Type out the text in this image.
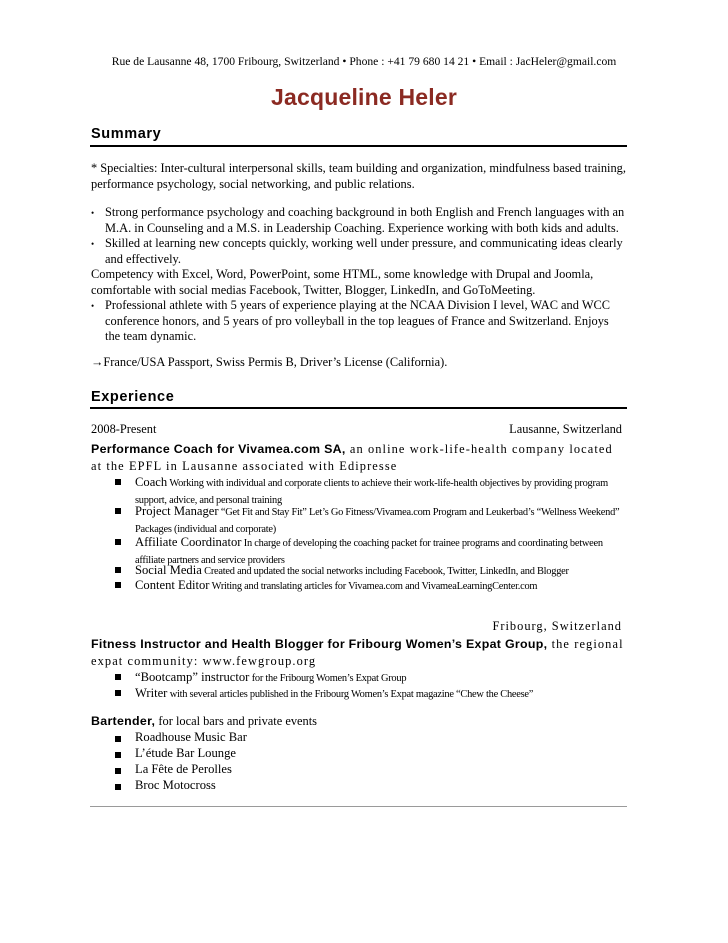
Rue de Lausanne 48, 1700 Fribourg, Switzerland • Phone : +41 79 680 14 21 • Email : JacHeler@gmail.com
Jacqueline Heler
Summary
* Specialties: Inter-cultural interpersonal skills, team building and organization, mindfulness based training, performance psychology, social networking, and public relations.
• Strong performance psychology and coaching background in both English and French languages with an M.A. in Counseling and a M.S. in Leadership Coaching. Experience working with both kids and adults.
• Skilled at learning new concepts quickly, working well under pressure, and communicating ideas clearly and effectively.
Competency with Excel, Word, PowerPoint, some HTML, some knowledge with Drupal and Joomla, comfortable with social medias Facebook, Twitter, Blogger, LinkedIn, and GoToMeeting.
• Professional athlete with 5 years of experience playing at the NCAA Division I level, WAC and WCC conference honors, and 5 years of pro volleyball in the top leagues of France and Switzerland. Enjoys the team dynamic.
→France/USA Passport, Swiss Permis B, Driver’s License (California).
Experience
2008-Present	Lausanne, Switzerland
Performance Coach for Vivamea.com SA, an online work-life-health company located at the EPFL in Lausanne associated with Edipresse
Coach Working with individual and corporate clients to achieve their work-life-health objectives by providing program support, advice, and personal training
Project Manager “Get Fit and Stay Fit” Let’s Go Fitness/Vivamea.com Program and Leukerbad’s “Wellness Weekend” Packages (individual and corporate)
Affiliate Coordinator In charge of developing the coaching packet for trainee programs and coordinating between affiliate partners and service providers
Social Media Created and updated the social networks including Facebook, Twitter, LinkedIn, and Blogger
Content Editor Writing and translating articles for Vivamea.com and VivameaLearningCenter.com
Fribourg, Switzerland
Fitness Instructor and Health Blogger for Fribourg Women’s Expat Group, the regional expat community: www.fewgroup.org
“Bootcamp” instructor for the Fribourg Women’s Expat Group
Writer with several articles published in the Fribourg Women’s Expat magazine “Chew the Cheese”
Bartender, for local bars and private events
Roadhouse Music Bar
L’étude Bar Lounge
La Fête de Perolles
Broc Motocross
